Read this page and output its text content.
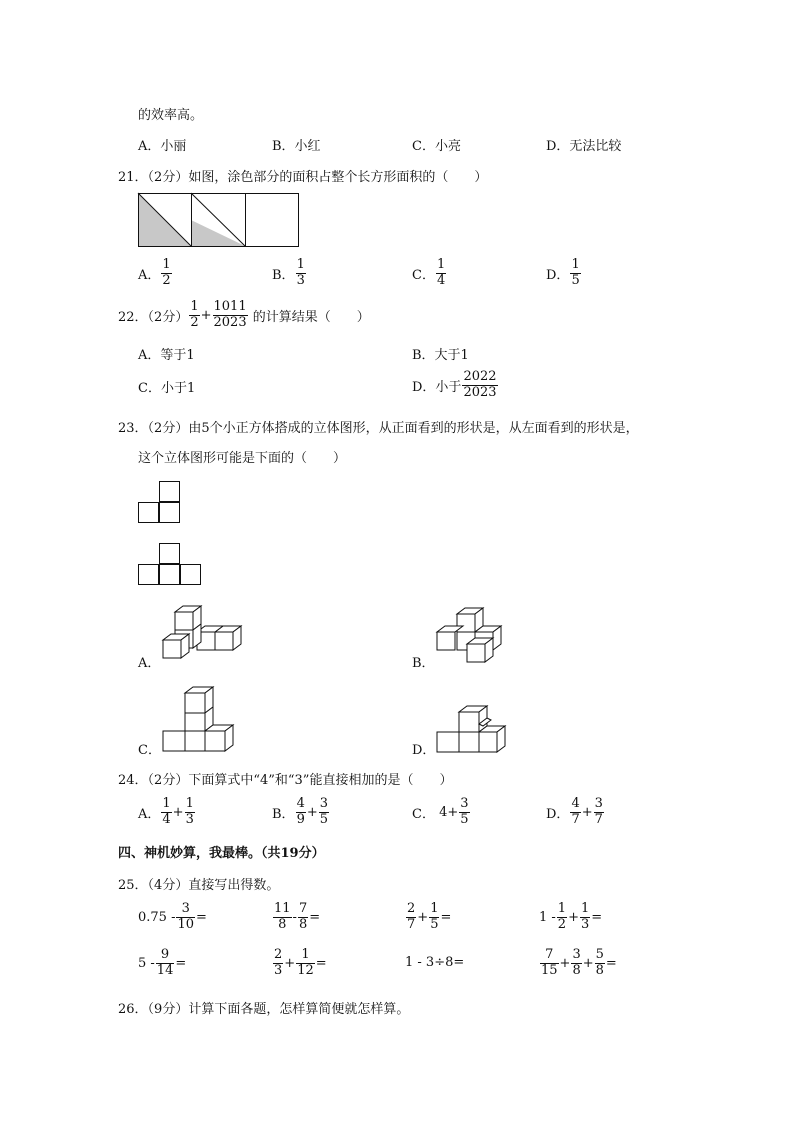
的效率高。
A．小丽	B．小红	C．小亮	D．无法比较
21．（2分）如图，涂色部分的面积占整个长方形面积的（　　）
A． $\frac{1}{2}$	B． $\frac{1}{3}$	C． $\frac{1}{4}$	D． $\frac{1}{5}$
22．（2分） $\frac{1}{2} + \frac{1011}{2023}$ 的计算结果（　　）
A．等于1	B．大于1
C．小于1	D．小于 $\frac{2022}{2023}$
23．（2分）由5个小正方体搭成的立体图形，从正面看到的形状是，从左面看到的形状是，
这个立体图形可能是下面的（　　）
A．	B．
C．	D．
24．（2分）下面算式中“4”和“3”能直接相加的是（　　）
A． $\frac{1}{4} + \frac{1}{3}$	B． $\frac{4}{9} + \frac{3}{5}$	C． $4+ \frac{3}{5}$	D． $\frac{4}{7} + \frac{3}{7}$
四、神机妙算，我最棒。（共19分）
25．（4分）直接写出得数。
$0.75 - \frac{3}{10}$ =	$\frac{11}{8} - \frac{7}{8}$ =	$\frac{2}{7} + \frac{1}{5}$ =	$1 - \frac{1}{2} + \frac{1}{3}$ =
$5 - \frac{9}{14}$ =	$\frac{2}{3} + \frac{1}{12}$ =	1 - 3÷8=	$\frac{7}{15} + \frac{3}{8} + \frac{5}{8}$ =
26．（9分）计算下面各题，怎样算简便就怎样算。
